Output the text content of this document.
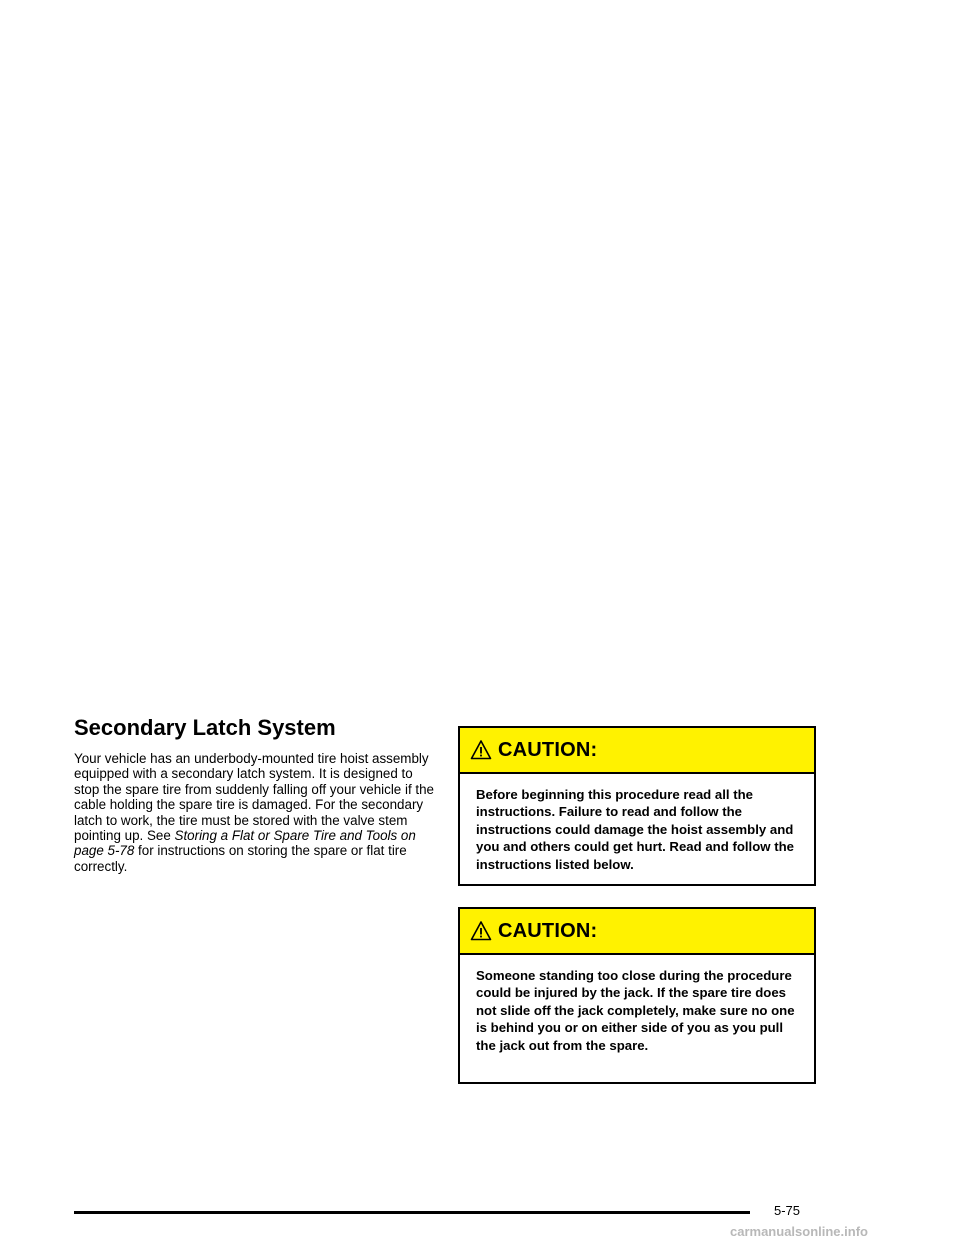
Secondary Latch System

Your vehicle has an underbody-mounted tire hoist assembly equipped with a secondary latch system. It is designed to stop the spare tire from suddenly falling off your vehicle if the cable holding the spare tire is damaged. For the secondary latch to work, the tire must be stored with the valve stem pointing up. See Storing a Flat or Spare Tire and Tools on page 5-78 for instructions on storing the spare or flat tire correctly.

CAUTION:
Before beginning this procedure read all the instructions. Failure to read and follow the instructions could damage the hoist assembly and you and others could get hurt. Read and follow the instructions listed below.
CAUTION:
Someone standing too close during the procedure could be injured by the jack. If the spare tire does not slide off the jack completely, make sure no one is behind you or on either side of you as you pull the jack out from the spare.
5-75
carmanualsonline.info
